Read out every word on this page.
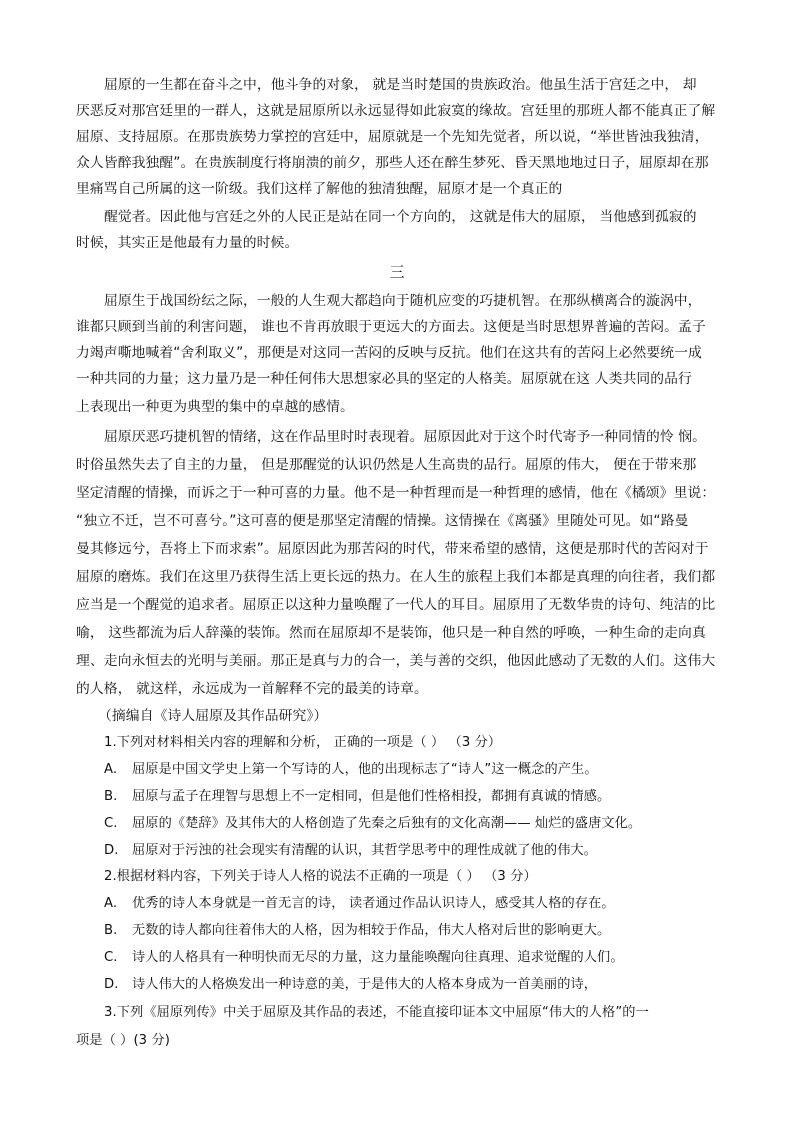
屈原的一生都在奋斗之中，他斗争的对象， 就是当时楚国的贵族政治。他虽生活于宫廷之中， 却
厌恶反对那宫廷里的一群人，这就是屈原所以永远显得如此寂寞的缘故。宫廷里的那班人都不能真正了解
屈原、支持屈原。在那贵族势力掌控的宫廷中，屈原就是一个先知先觉者，所以说，“举世皆浊我独清，
众人皆醉我独醒”。在贵族制度行将崩溃的前夕，那些人还在醉生梦死、昏天黑地地过日子，屈原却在那
里痛骂自己所属的这一阶级。我们这样了解他的独清独醒，屈原才是一个真正的
醒觉者。因此他与宫廷之外的人民正是站在同一个方向的， 这就是伟大的屈原， 当他感到孤寂的
时候，其实正是他最有力量的时候。
三
屈原生于战国纷纭之际，一般的人生观大都趋向于随机应变的巧捷机智。在那纵横离合的漩涡中，
谁都只顾到当前的利害问题， 谁也不肯再放眼于更远大的方面去。这便是当时思想界普遍的苦闷。孟子
力竭声嘶地喊着“舍利取义”，那便是对这同一苦闷的反映与反抗。他们在这共有的苦闷上必然要统一成
一种共同的力量；这力量乃是一种任何伟大思想家必具的坚定的人格美。屈原就在这 人类共同的品行
上表现出一种更为典型的集中的卓越的感情。
屈原厌恶巧捷机智的情绪，这在作品里时时表现着。屈原因此对于这个时代寄予一种同情的怜 悯。
时俗虽然失去了自主的力量， 但是那醒觉的认识仍然是人生高贵的品行。屈原的伟大， 便在于带来那
坚定清醒的情操，而诉之于一种可喜的力量。他不是一种哲理而是一种哲理的感情，他在《橘颂》里说：
“独立不迁，岂不可喜兮。”这可喜的便是那坚定清醒的情操。这情操在《离骚》里随处可见。如“路曼
曼其修远兮，吾将上下而求索”。屈原因此为那苦闷的时代，带来希望的感情，这便是那时代的苦闷对于
屈原的磨炼。我们在这里乃获得生活上更长远的热力。在人生的旅程上我们本都是真理的向往者，我们都
应当是一个醒觉的追求者。屈原正以这种力量唤醒了一代人的耳目。屈原用了无数华贵的诗句、纯洁的比
喻， 这些都流为后人辞藻的装饰。然而在屈原却不是装饰，他只是一种自然的呼唤，一种生命的走向真
理、走向永恒去的光明与美丽。那正是真与力的合一，美与善的交织，他因此感动了无数的人们。这伟大
的人格， 就这样，永远成为一首解释不完的最美的诗章。
（摘编自《诗人屈原及其作品研究》）
1.下列对材料相关内容的理解和分析， 正确的一项是（ ） （3 分）
A. 屈原是中国文学史上第一个写诗的人，他的出现标志了“诗人”这一概念的产生。
B. 屈原与孟子在理智与思想上不一定相同，但是他们性格相投，都拥有真诚的情感。
C. 屈原的《楚辞》及其伟大的人格创造了先秦之后独有的文化高潮—— 灿烂的盛唐文化。
D. 屈原对于污浊的社会现实有清醒的认识，其哲学思考中的理性成就了他的伟大。
2.根据材料内容，下列关于诗人人格的说法不正确的一项是（ ） （3 分）
A. 优秀的诗人本身就是一首无言的诗， 读者通过作品认识诗人，感受其人格的存在。
B. 无数的诗人都向往着伟大的人格，因为相较于作品，伟大人格对后世的影响更大。
C. 诗人的人格具有一种明快而无尽的力量，这力量能唤醒向往真理、追求觉醒的人们。
D. 诗人伟大的人格焕发出一种诗意的美，于是伟大的人格本身成为一首美丽的诗，
3.下列《屈原列传》中关于屈原及其作品的表述，不能直接印证本文中屈原“伟大的人格”的一
项是（ ）(3 分)
